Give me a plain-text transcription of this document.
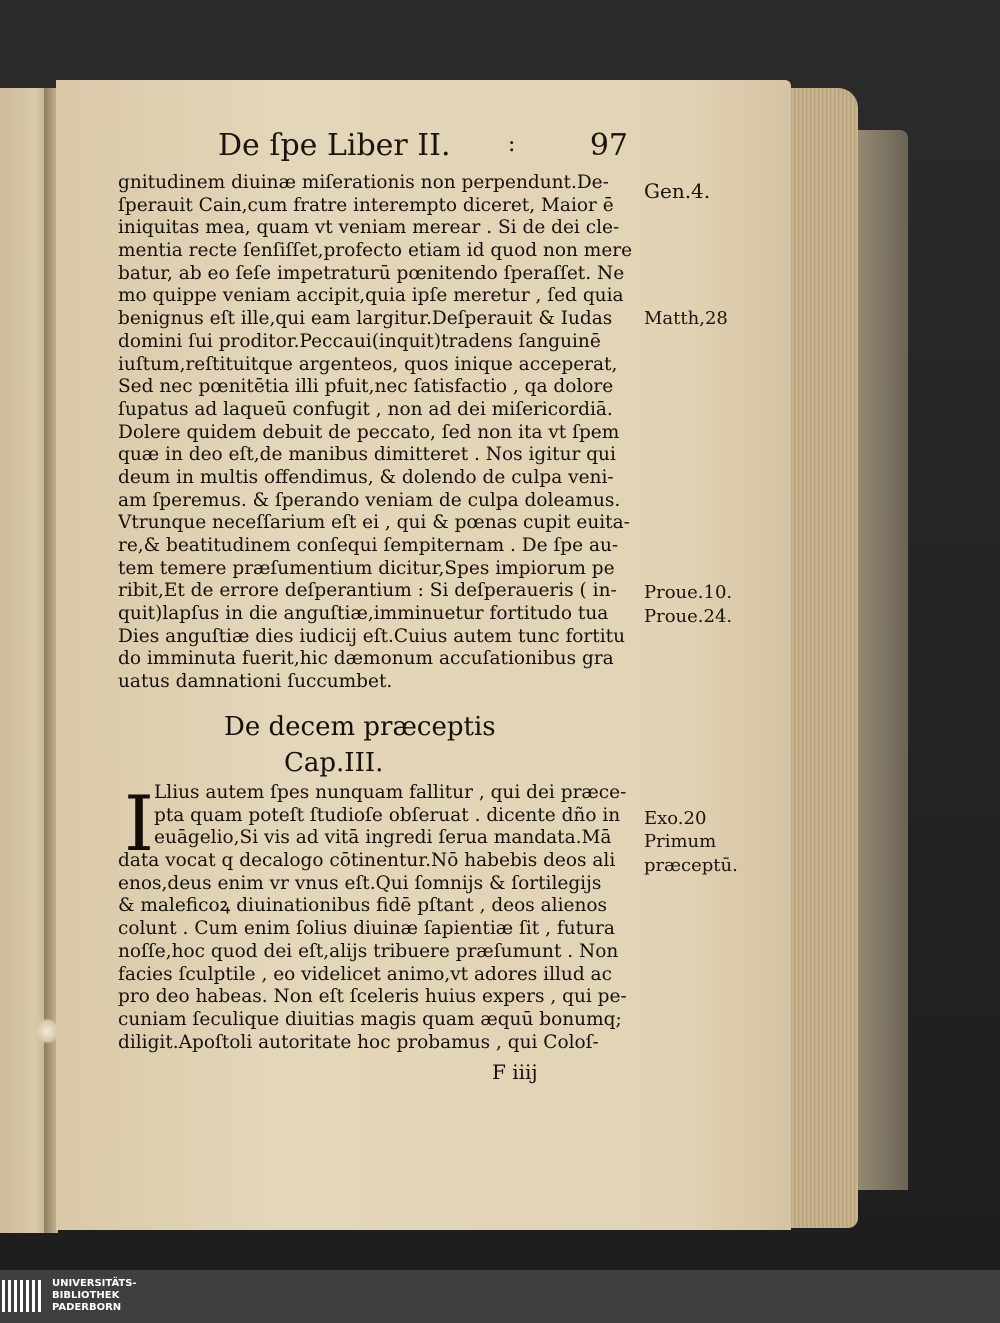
De ſpe Liber II.	: 97
gnitudinem diuinæ miſerationis non perpendunt.De-
ſperauit Cain,cum fratre interempto diceret, Maior ē
iniquitas mea, quam vt veniam merear . Si de dei cle-
mentia recte ſenſiſſet,profecto etiam id quod non mere
batur, ab eo ſeſe impetraturū pœnitendo ſperaſſet. Ne
mo quippe veniam accipit,quia ipſe meretur , ſed quia
benignus eſt ille,qui eam largitur.Deſperauit & Iudas
domini ſui proditor.Peccaui(inquit)tradens ſanguinē
iuſtum,reſtituitque argenteos, quos inique acceperat,
Sed nec pœnitētia illi pfuit,nec ſatisfactio , qa dolore
ſupatus ad laqueū confugit , non ad dei miſericordiā.
Dolere quidem debuit de peccato, ſed non ita vt ſpem
quæ in deo eſt,de manibus dimitteret . Nos igitur qui
deum in multis offendimus, & dolendo de culpa veni-
am ſperemus. & ſperando veniam de culpa doleamus.
Vtrunque neceſſarium eſt ei , qui & pœnas cupit euita-
re,& beatitudinem conſequi ſempiternam . De ſpe au-
tem temere præſumentium dicitur,Spes impiorum pe
ribit,Et de errore deſperantium : Si deſperaueris ( in-
quit)lapſus in die anguſtiæ,imminuetur fortitudo tua
Dies anguſtiæ dies iudicij eſt.Cuius autem tunc fortitu
do imminuta fuerit,hic dæmonum accuſationibus gra
uatus damnationi ſuccumbet.
De decem præceptis
Cap.III.
I Llius autem ſpes nunquam fallitur , qui dei præce-
pta quam poteſt ſtudioſe obſeruat . dicente dño in
euāgelio,Si vis ad vitā ingredi ſerua mandata.Mā
data vocat q decalogo cōtinentur.Nō habebis deos ali
enos,deus enim vr vnus eſt.Qui ſomnijs & ſortilegijs
& maleficoꝝ diuinationibus fidē pſtant , deos alienos
colunt . Cum enim ſolius diuinæ ſapientiæ ſit , futura
noſſe,hoc quod dei eſt,alijs tribuere præſumunt . Non
facies ſculptile , eo videlicet animo,vt adores illud ac
pro deo habeas. Non eſt ſceleris huius expers , qui pe-
cuniam ſeculique diuitias magis quam æquū bonumq;
diligit.Apoſtoli autoritate hoc probamus , qui Coloſ-
F iiij
Gen.4.
Matth,28
Proue.10.
Proue.24.
Exo.20
Primum
præceptū.
UNIVERSITÄTS-
BIBLIOTHEK
PADERBORN
